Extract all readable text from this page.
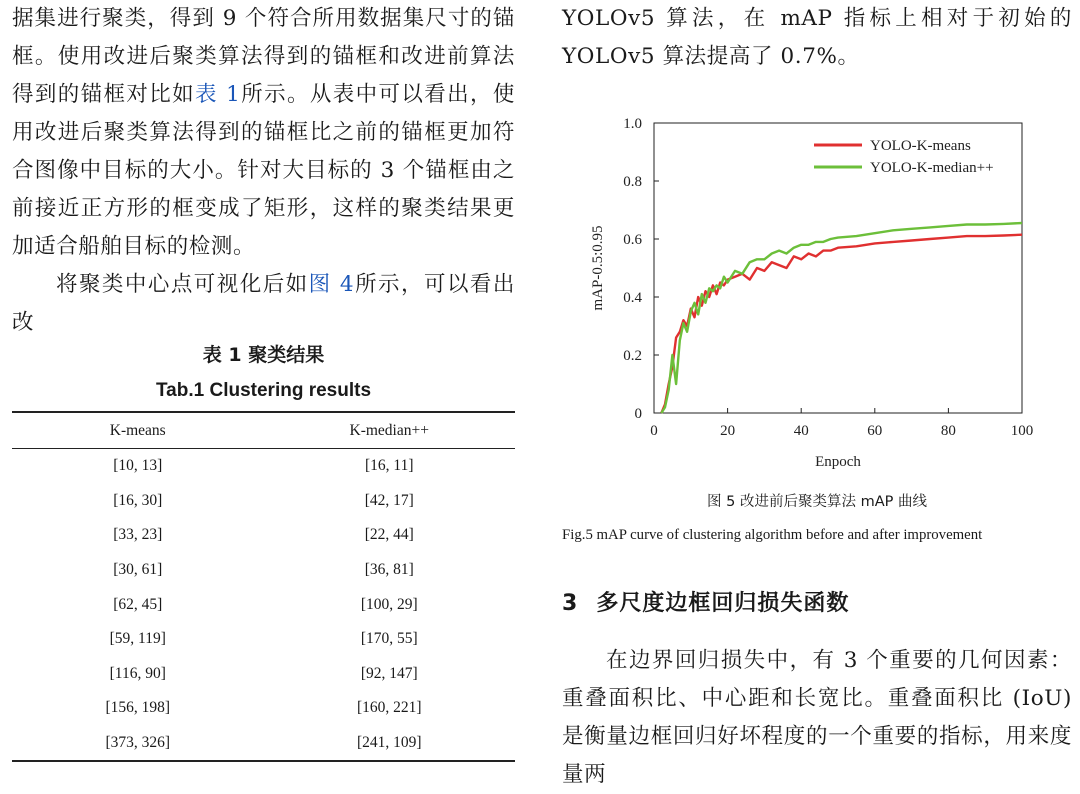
据集进行聚类，得到 9 个符合所用数据集尺寸的锚框。使用改进后聚类算法得到的锚框和改进前算法得到的锚框对比如表 1所示。从表中可以看出，使用改进后聚类算法得到的锚框比之前的锚框更加符合图像中目标的大小。针对大目标的 3 个锚框由之前接近正方形的框变成了矩形，这样的聚类结果更加适合船舶目标的检测。

将聚类中心点可视化后如图 4所示，可以看出改

表 1 聚类结果
Tab.1 Clustering results
K-means	K-median++
[10, 13]	[16, 11]
[16, 30]	[42, 17]
[33, 23]	[22, 44]
[30, 61]	[36, 81]
[62, 45]	[100, 29]
[59, 119]	[170, 55]
[116, 90]	[92, 147]
[156, 198]	[160, 221]
[373, 326]	[241, 109]

YOLOv5 算法，在 mAP 指标上相对于初始的 YOLOv5 算法提高了 0.7%。

0	20	40	60	80	100
0
0.2
0.4
0.6
0.8
1.0
Enpoch
mAP-0.5:0.95
YOLO-K-means
YOLO-K-median++
图 5 改进前后聚类算法 mAP 曲线
Fig.5 mAP curve of clustering algorithm before and after improvement
3 多尺度边框回归损失函数

在边界回归损失中，有 3 个重要的几何因素：重叠面积比、中心距和长宽比。重叠面积比 (IoU) 是衡量边框回归好坏程度的一个重要的指标，用来度量两
